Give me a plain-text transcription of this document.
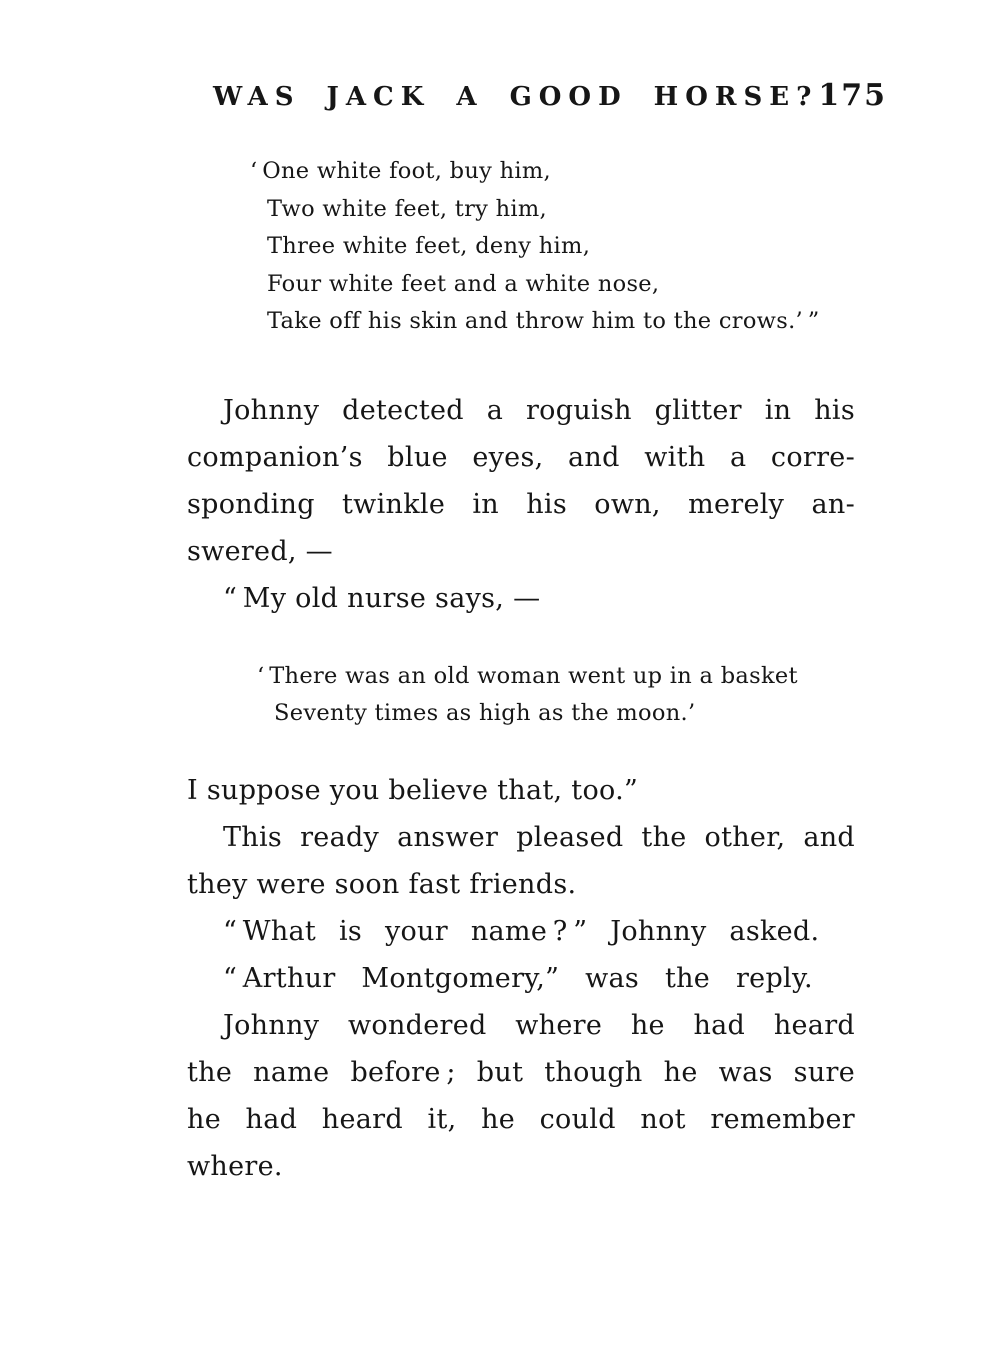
WAS JACK A GOOD HORSE? 175
‘ One white foot, buy him,
Two white feet, try him,
Three white feet, deny him,
Four white feet and a white nose,
Take off his skin and throw him to the crows.’ ”
Johnny detected a roguish glitter in his
companion’s blue eyes, and with a corre-
sponding twinkle in his own, merely an-
swered, —
“ My old nurse says, —
‘ There was an old woman went up in a basket
Seventy times as high as the moon.’
I suppose you believe that, too.”
This ready answer pleased the other, and
they were soon fast friends.
“ What is your name ? ” Johnny asked.
“ Arthur Montgomery,” was the reply.
Johnny wondered where he had heard
the name before ; but though he was sure
he had heard it, he could not remember
where.
